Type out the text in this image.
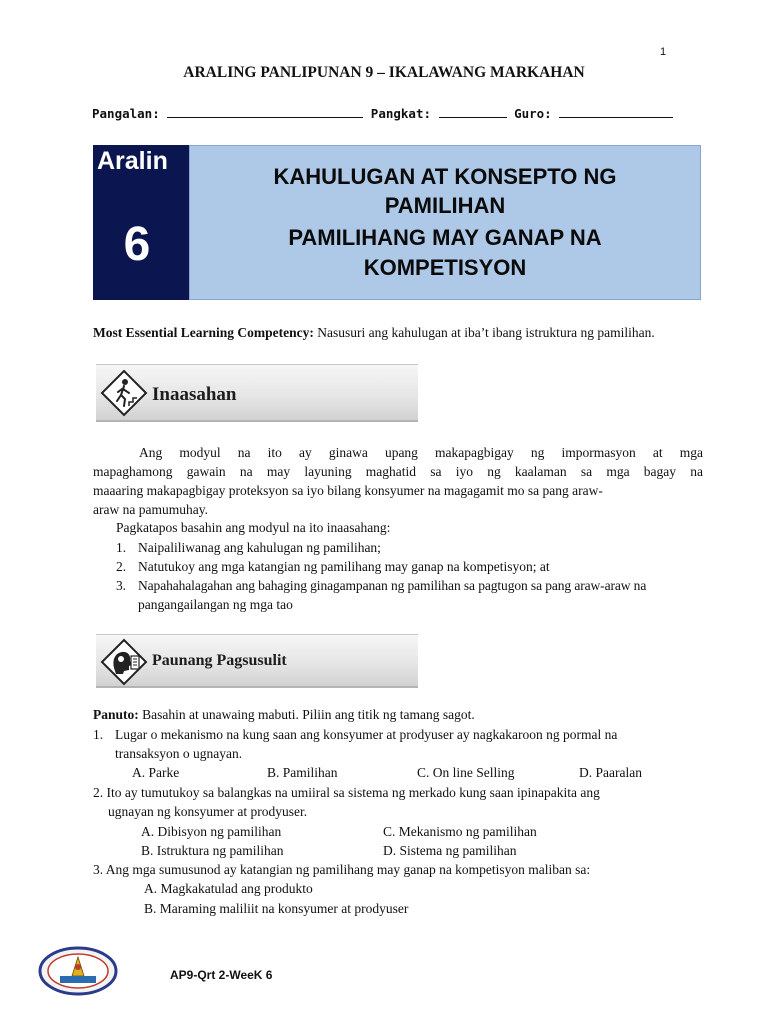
1
ARALING PANLIPUNAN 9 – IKALAWANG MARKAHAN
Pangalan:	Pangkat:	Guro:
Aralin
6
KAHULUGAN AT KONSEPTO NG
PAMILIHAN
PAMILIHANG MAY GANAP NA
KOMPETISYON
Most Essential Learning Competency: Nasusuri ang kahulugan at iba’t ibang istruktura ng pamilihan.
Inaasahan
Ang modyul na ito ay ginawa upang makapagbigay ng impormasyon at mga
mapaghamong gawain na may layuning maghatid sa iyo ng kaalaman sa mga bagay na
maaaring makapagbigay proteksyon sa iyo bilang konsyumer na magagamit mo sa pang araw-
araw na pamumuhay.
Pagkatapos basahin ang modyul na ito inaasahang:
1. Naipaliliwanag ang kahulugan ng pamilihan;
2. Natutukoy ang mga katangian ng pamilihang may ganap na kompetisyon; at
3. Napahahalagahan ang bahaging ginagampanan ng pamilihan sa pagtugon sa pang araw-araw na
pangangailangan ng mga tao
Paunang Pagsusulit
Panuto: Basahin at unawaing mabuti. Piliin ang titik ng tamang sagot.
1. Lugar o mekanismo na kung saan ang konsyumer at prodyuser ay nagkakaroon ng pormal na
transaksyon o ugnayan.
A. Parke	B. Pamilihan	C. On line Selling	D. Paaralan
2. Ito ay tumutukoy sa balangkas na umiiral sa sistema ng merkado kung saan ipinapakita ang
ugnayan ng konsyumer at prodyuser.
A. Dibisyon ng pamilihan	C. Mekanismo ng pamilihan
B. Istruktura ng pamilihan	D. Sistema ng pamilihan
3. Ang mga sumusunod ay katangian ng pamilihang may ganap na kompetisyon maliban sa:
A. Magkakatulad ang produkto
B. Maraming maliliit na konsyumer at prodyuser
AP9-Qrt 2-WeeK 6
